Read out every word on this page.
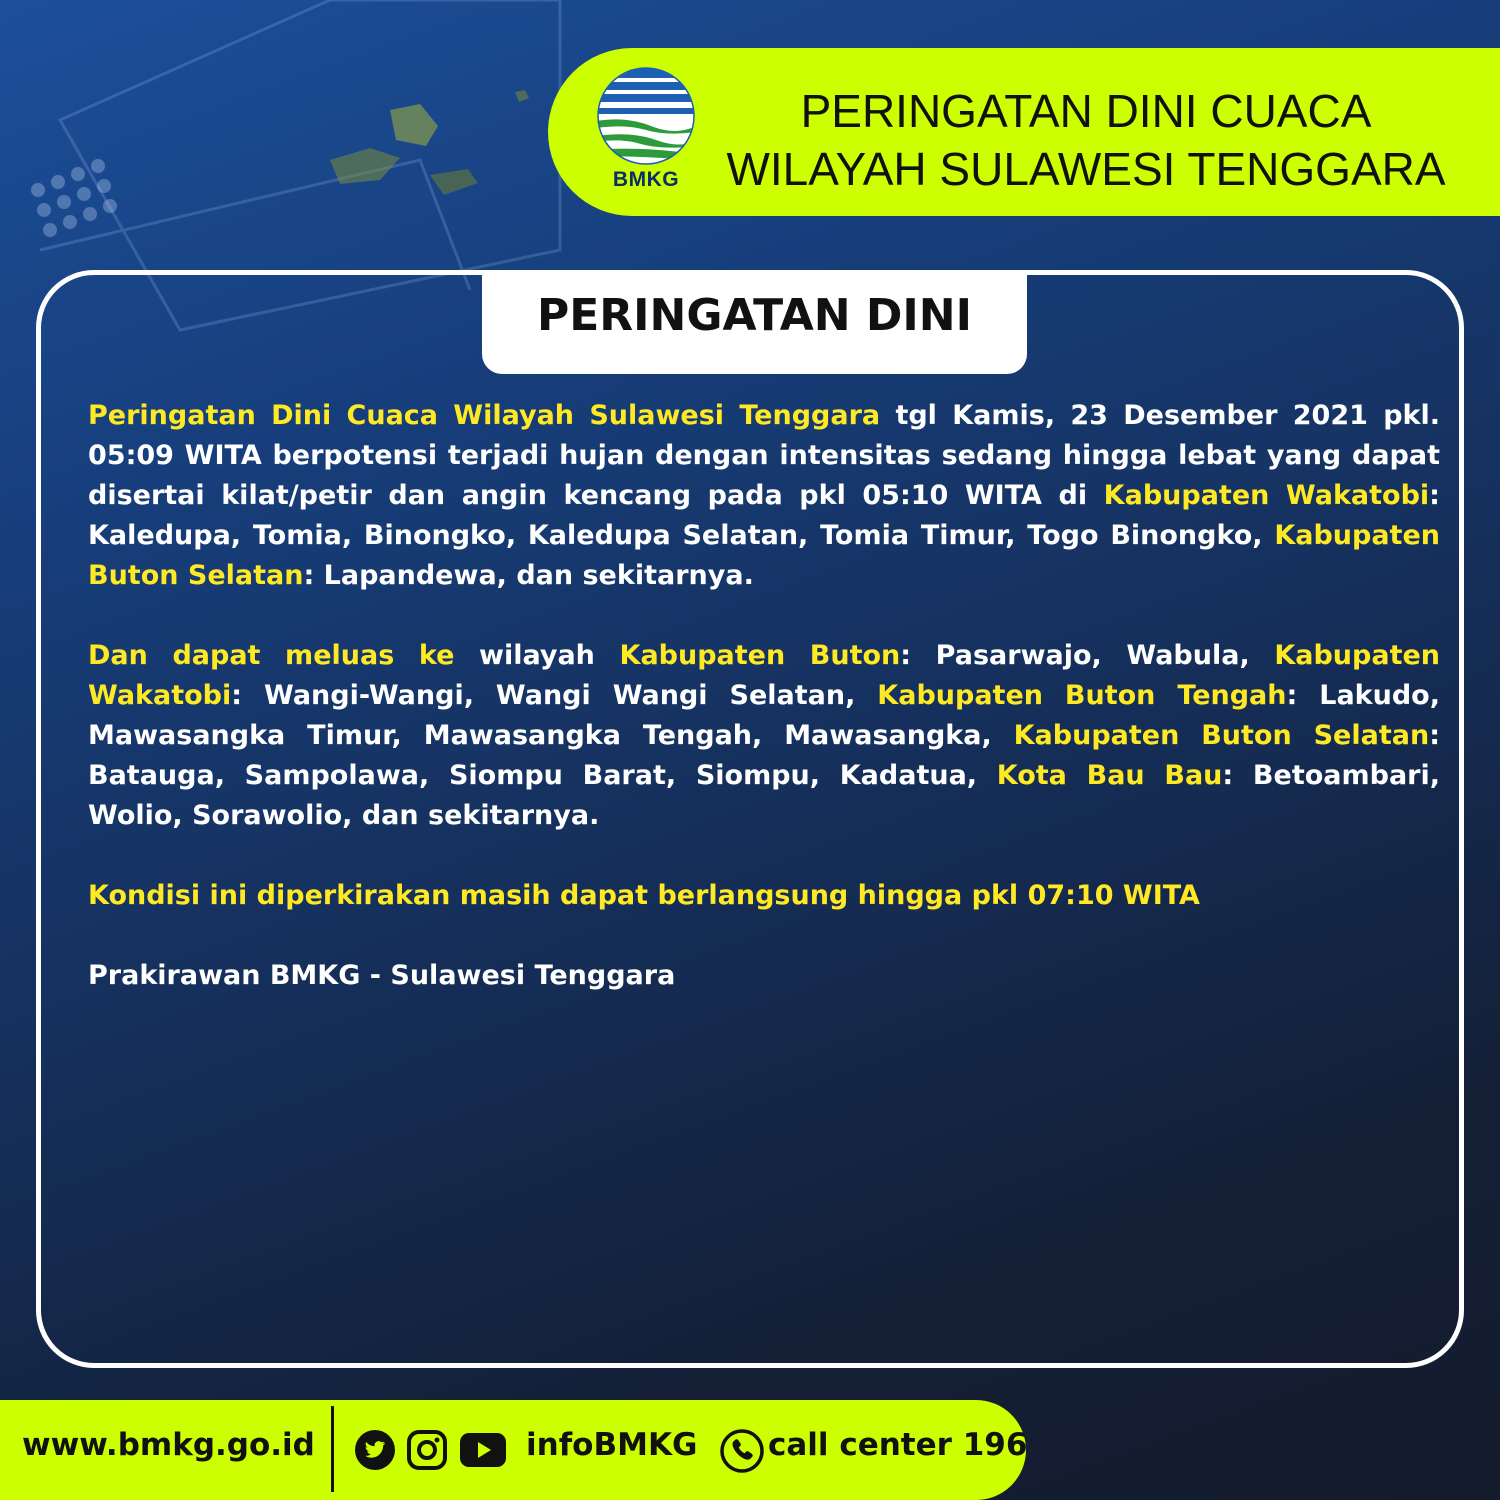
BMKG
PERINGATAN DINI CUACA
WILAYAH SULAWESI TENGGARA
PERINGATAN DINI

Peringatan Dini Cuaca Wilayah Sulawesi Tenggara tgl Kamis, 23 Desember 2021 pkl. 05:09 WITA berpotensi terjadi hujan dengan intensitas sedang hingga lebat yang dapat disertai kilat/petir dan angin kencang pada pkl 05:10 WITA di Kabupaten Wakatobi: Kaledupa, Tomia, Binongko, Kaledupa Selatan, Tomia Timur, Togo Binongko, Kabupaten Buton Selatan: Lapandewa, dan sekitarnya.

Dan dapat meluas ke wilayah Kabupaten Buton: Pasarwajo, Wabula, Kabupaten Wakatobi: Wangi-Wangi, Wangi Wangi Selatan, Kabupaten Buton Tengah: Lakudo, Mawasangka Timur, Mawasangka Tengah, Mawasangka, Kabupaten Buton Selatan: Batauga, Sampolawa, Siompu Barat, Siompu, Kadatua, Kota Bau Bau: Betoambari, Wolio, Sorawolio, dan sekitarnya.

Kondisi ini diperkirakan masih dapat berlangsung hingga pkl 07:10 WITA

Prakirawan BMKG - Sulawesi Tenggara

www.bmkg.go.id	infoBMKG call center 196
